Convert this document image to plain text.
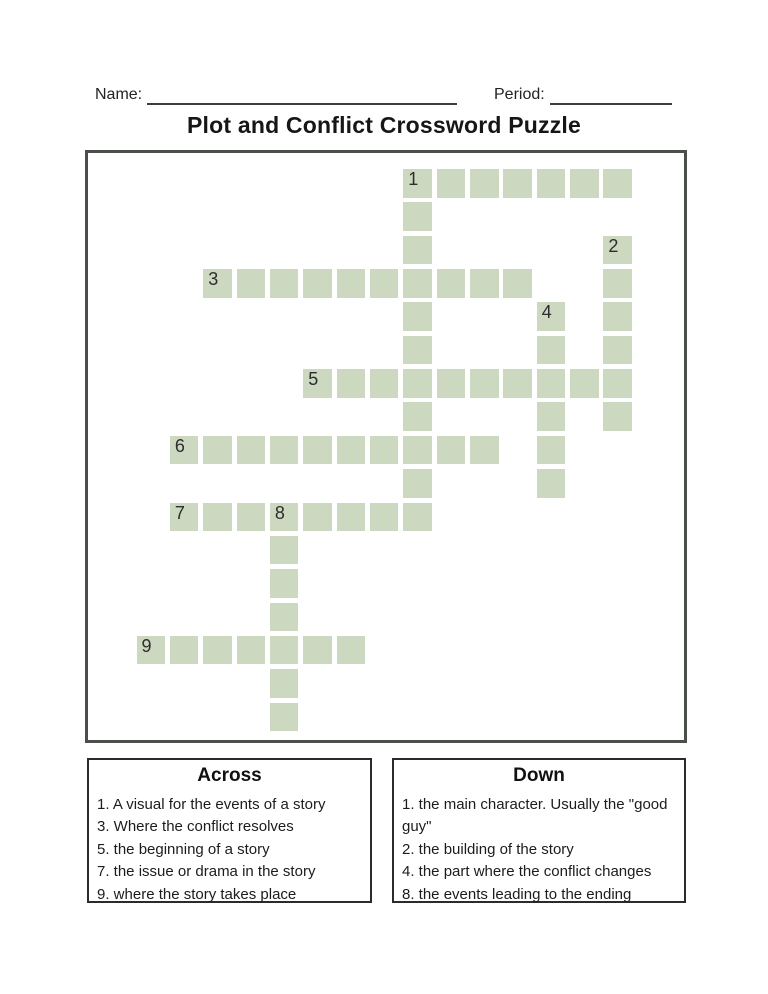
Name:	Period:
Plot and Conflict Crossword Puzzle
1
2
3
4
5
6
7	8
9
Across
1. A visual for the events of a story
3. Where the conflict resolves
5. the beginning of a story
7. the issue or drama in the story
9. where the story takes place
Down
1. the main character. Usually the "good guy"
2. the building of the story
4. the part where the conflict changes
8. the events leading to the ending
